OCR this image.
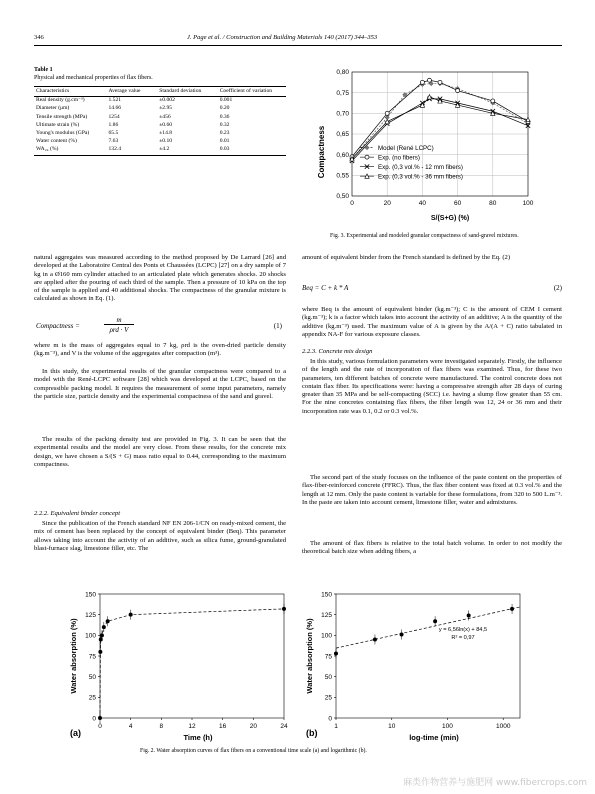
346	J. Page et al. / Construction and Building Materials 140 (2017) 344–353
Table 1
Physical and mechanical properties of flax fibers.
Characteristics	Average value	Standard deviation	Coefficient of variation
Real density (g.cm⁻³)	1.521	±0.002	0.001
Diameter (μm)	14.66	±2.95	0.20
Tensile strength (MPa)	1254	±456	0.36
Ultimate strain (%)	1.86	±0.60	0.32
Young's modulus (GPa)	65.5	±14.8	0.23
Water content (%)	7.63	±0.10	0.01
WA₂₄ (%)	132.4	±4.2	0.03
0,50
0,55
0,60
0,65
0,70
0,75
0,80
0	20	40	60	80	100
Model (René LCPC)
Exp. (no fibers)
Exp. (0,3 vol.% - 12 mm fibers)
Exp. (0,3 vol.% - 36 mm fibers)
Compactness
S/(S+G) (%)
Fig. 3. Experimental and modeled granular compactness of sand-gravel mixtures.
natural aggregates was measured according to the method proposed by De Larrard [26] and developed at the Laboratoire Central des Ponts et Chaussées (LCPC) [27] on a dry sample of 7 kg in a Ø160 mm cylinder attached to an articulated plate which generates shocks. 20 shocks are applied after the pouring of each third of the sample. Then a pressure of 10 kPa on the top of the sample is applied and 40 additional shocks. The compactness of the granular mixture is calculated as shown in Eq. (1).
Compactness =
m
ρrd · V	(1)
where m is the mass of aggregates equal to 7 kg, ρrd is the oven-dried particle density (kg.m⁻³), and V is the volume of the aggregates after compaction (m³).
In this study, the experimental results of the granular compactness were compared to a model with the René-LCPC software [28] which was developed at the LCPC, based on the compressible packing model. It requires the measurement of some input parameters, namely the particle size, particle density and the experimental compactness of the sand and gravel.
The results of the packing density test are provided in Fig. 3. It can be seen that the experimental results and the model are very close. From these results, for the concrete mix design, we have chosen a S/(S + G) mass ratio equal to 0.44, corresponding to the maximum compactness.
2.2.2. Equivalent binder concept
Since the publication of the French standard NF EN 206-1/CN on ready-mixed cement, the mix of cement has been replaced by the concept of equivalent binder (Beq). This parameter allows taking into account the activity of an additive, such as silica fume, ground-granulated blast-furnace slag, limestone filler, etc. The
amount of equivalent binder from the French standard is defined by the Eq. (2)
Beq = C + k * A	(2)
where Beq is the amount of equivalent binder (kg.m⁻³); C is the amount of CEM I cement (kg.m⁻³); k is a factor which takes into account the activity of an additive; A is the quantity of the additive (kg.m⁻³) used. The maximum value of A is given by the A/(A + C) ratio tabulated in appendix NA-F for various exposure classes.
2.2.3. Concrete mix design
In this study, various formulation parameters were investigated separately. Firstly, the influence of the length and the rate of incorporation of flax fibers was examined. Thus, for these two parameters, ten different batches of concrete were manufactured. The control concrete does not contain flax fiber. Its specifications were: having a compressive strength after 28 days of curing greater than 35 MPa and be self-compacting (SCC) i.e. having a slump flow greater than 55 cm. For the nine concretes containing flax fibers, the fiber length was 12, 24 or 36 mm and their incorporation rate was 0.1, 0.2 or 0.3 vol.%.
The second part of the study focuses on the influence of the paste content on the properties of flax-fiber-reinforced concrete (FFRC). Thus, the flax fiber content was fixed at 0.3 vol.% and the length at 12 mm. Only the paste content is variable for these formulations, from 320 to 500 L.m⁻³. In the paste are taken into account cement, limestone filler, water and admixtures.
The amount of flax fibers is relative to the total batch volume. In order to not modify the theoretical batch size when adding fibers, a
0
25
50
75
100
125
150
0	4	8	12	16	20	24
Water absorption (%)
Time (h)
(a)
0
25
50
75
100
125
150
1	10	100	1000
Water absorption (%)
log-time (min)
(b)
y = 6,56ln(x) + 84,5
R² = 0,97
Fig. 2. Water absorption curves of flax fibers on a conventional time scale (a) and logarithmic (b).
麻类作物营养与施肥网 www.fibercrops.com
